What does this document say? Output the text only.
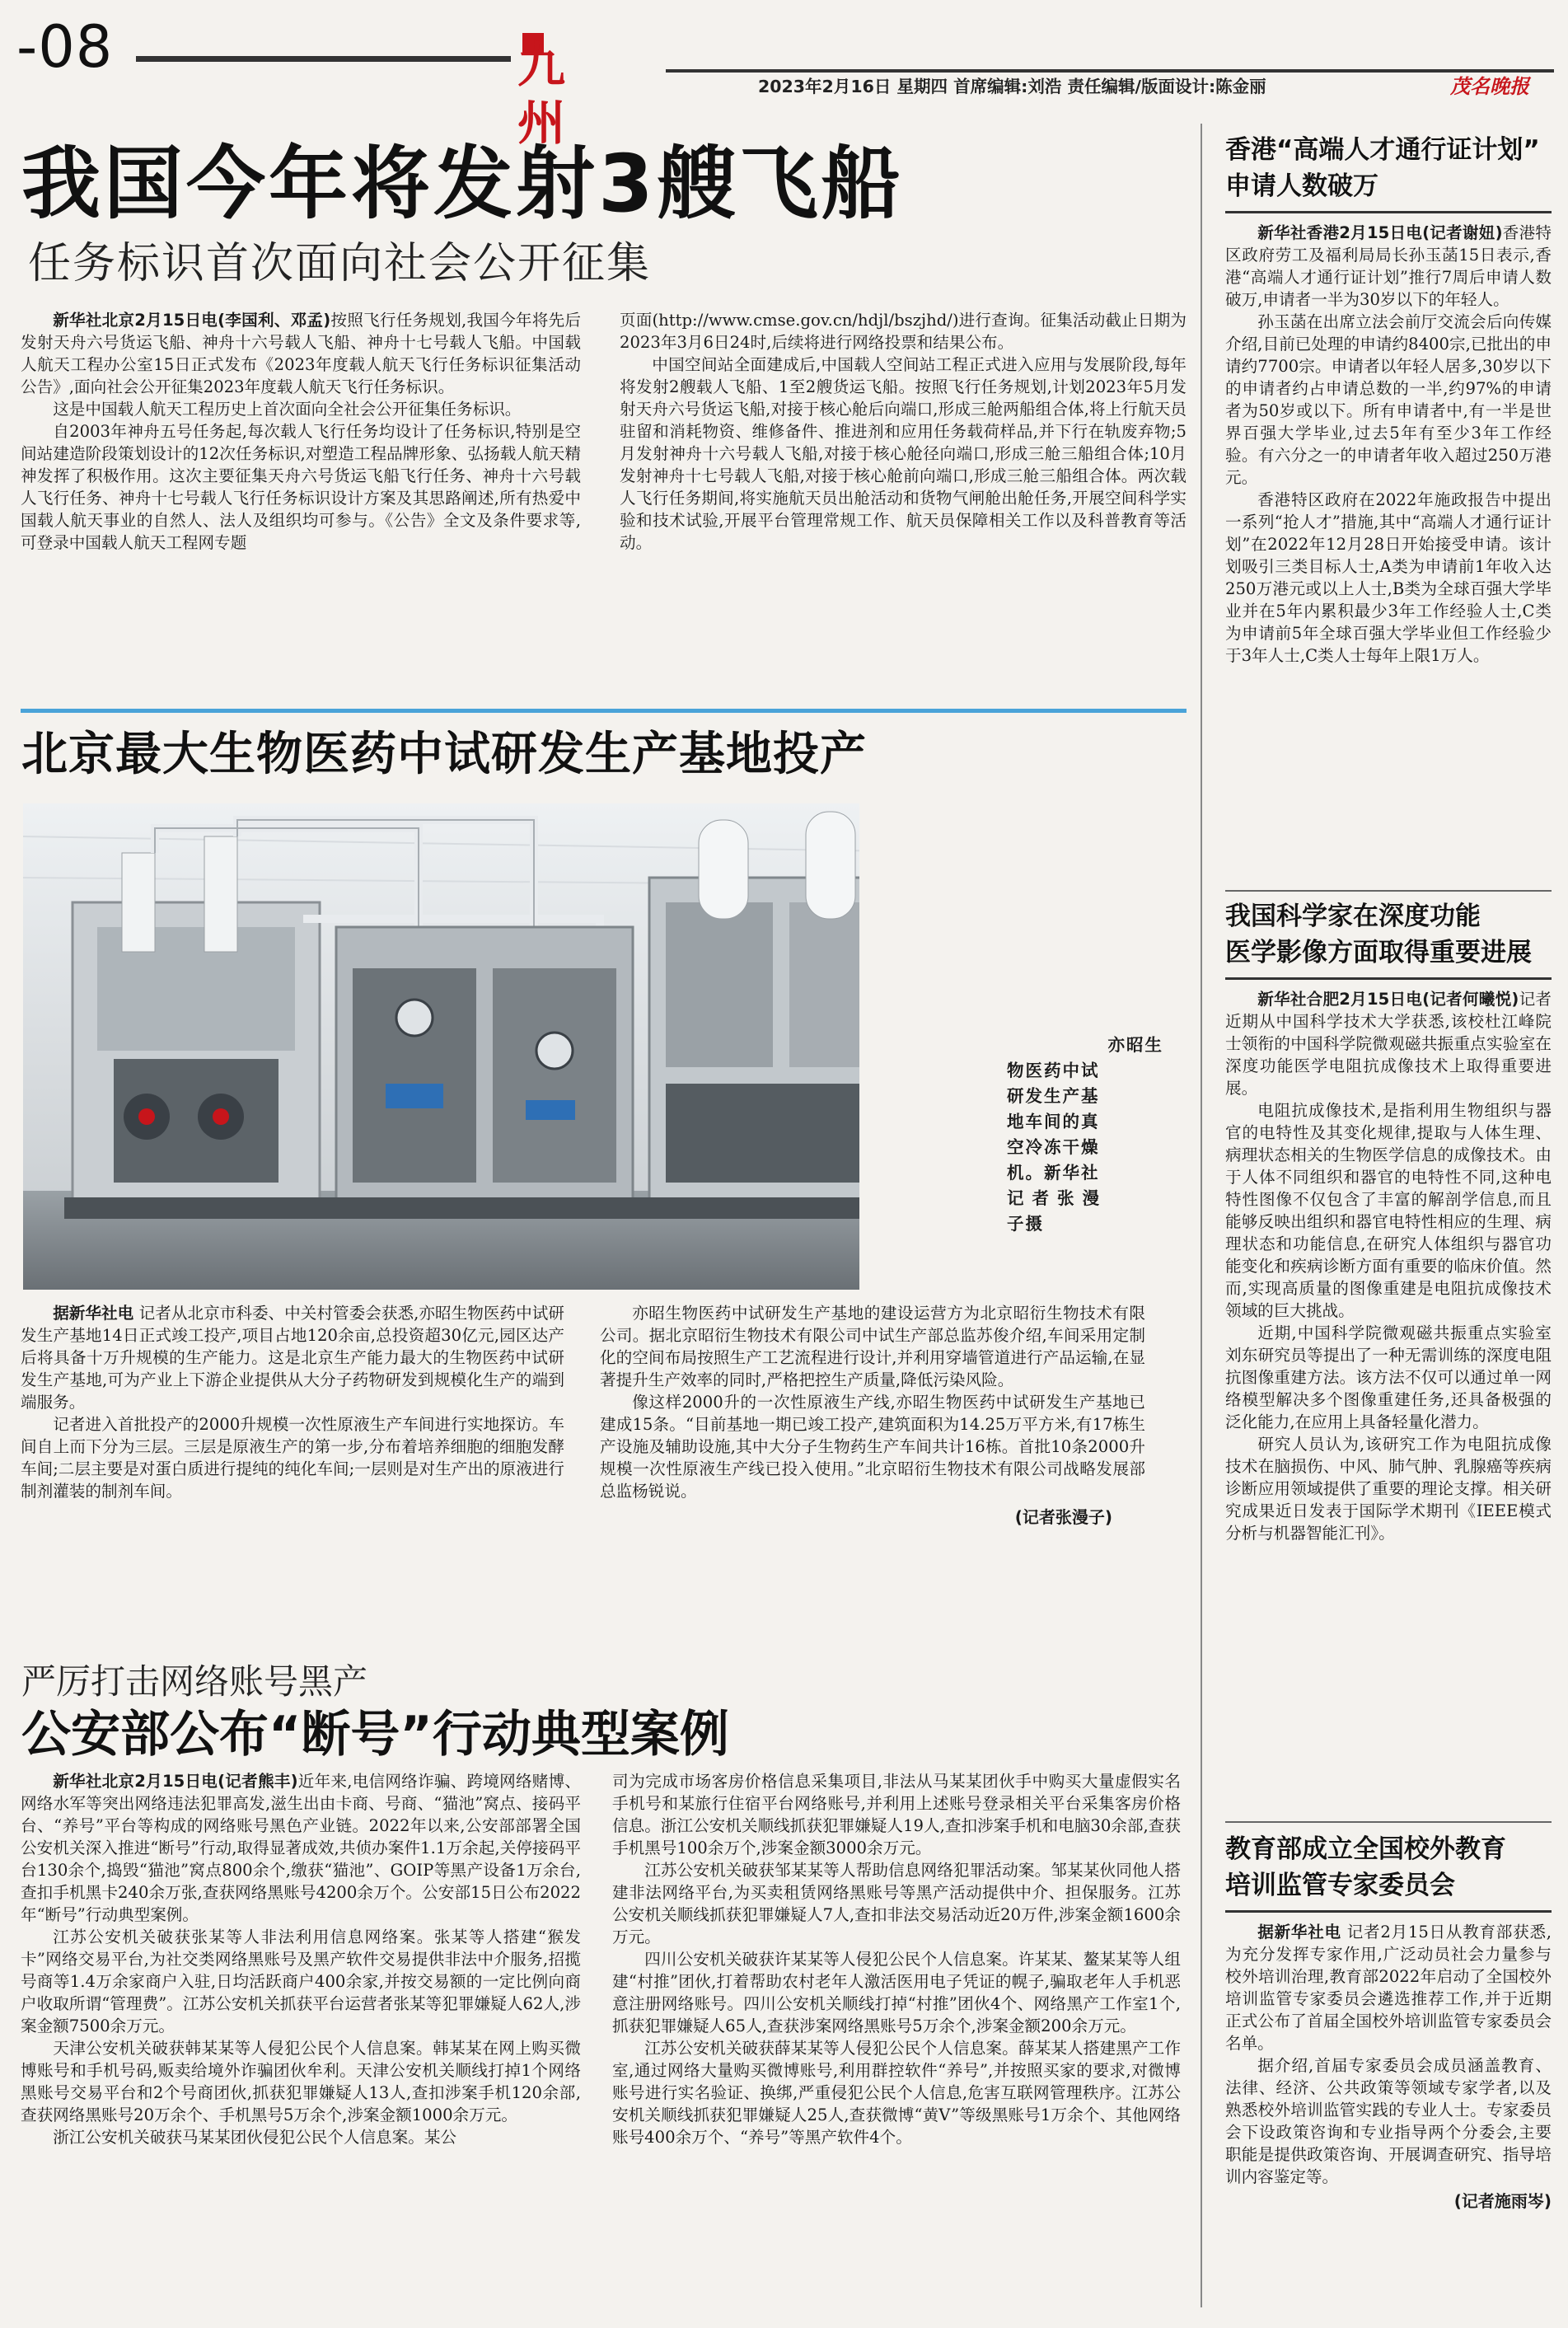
-08	九州
2023年2月16日 星期四 首席编辑:刘浩 责任编辑/版面设计:陈金丽	茂名晚报
我国今年将发射3艘飞船
任务标识首次面向社会公开征集

新华社北京2月15日电(李国利、邓孟)按照飞行任务规划,我国今年将先后发射天舟六号货运飞船、神舟十六号载人飞船、神舟十七号载人飞船。中国载人航天工程办公室15日正式发布《2023年度载人航天飞行任务标识征集活动公告》,面向社会公开征集2023年度载人航天飞行任务标识。

这是中国载人航天工程历史上首次面向全社会公开征集任务标识。

自2003年神舟五号任务起,每次载人飞行任务均设计了任务标识,特别是空间站建造阶段策划设计的12次任务标识,对塑造工程品牌形象、弘扬载人航天精神发挥了积极作用。这次主要征集天舟六号货运飞船飞行任务、神舟十六号载人飞行任务、神舟十七号载人飞行任务标识设计方案及其思路阐述,所有热爱中国载人航天事业的自然人、法人及组织均可参与。《公告》全文及条件要求等,可登录中国载人航天工程网专题

页面(http://www.cmse.gov.cn/hdjl/bszjhd/)进行查询。征集活动截止日期为2023年3月6日24时,后续将进行网络投票和结果公布。

中国空间站全面建成后,中国载人空间站工程正式进入应用与发展阶段,每年将发射2艘载人飞船、1至2艘货运飞船。按照飞行任务规划,计划2023年5月发射天舟六号货运飞船,对接于核心舱后向端口,形成三舱两船组合体,将上行航天员驻留和消耗物资、维修备件、推进剂和应用任务载荷样品,并下行在轨废弃物;5月发射神舟十六号载人飞船,对接于核心舱径向端口,形成三舱三船组合体;10月发射神舟十七号载人飞船,对接于核心舱前向端口,形成三舱三船组合体。两次载人飞行任务期间,将实施航天员出舱活动和货物气闸舱出舱任务,开展空间科学实验和技术试验,开展平台管理常规工作、航天员保障相关工作以及科普教育等活动。

北京最大生物医药中试研发生产基地投产
亦昭生
物医药中试
研发生产基
地车间的真
空冷冻干燥
机。新华社
记者张漫
子摄

据新华社电 记者从北京市科委、中关村管委会获悉,亦昭生物医药中试研发生产基地14日正式竣工投产,项目占地120余亩,总投资超30亿元,园区达产后将具备十万升规模的生产能力。这是北京生产能力最大的生物医药中试研发生产基地,可为产业上下游企业提供从大分子药物研发到规模化生产的端到端服务。

记者进入首批投产的2000升规模一次性原液生产车间进行实地探访。车间自上而下分为三层。三层是原液生产的第一步,分布着培养细胞的细胞发酵车间;二层主要是对蛋白质进行提纯的纯化车间;一层则是对生产出的原液进行制剂灌装的制剂车间。

亦昭生物医药中试研发生产基地的建设运营方为北京昭衍生物技术有限公司。据北京昭衍生物技术有限公司中试生产部总监苏俊介绍,车间采用定制化的空间布局按照生产工艺流程进行设计,并利用穿墙管道进行产品运输,在显著提升生产效率的同时,严格把控生产质量,降低污染风险。

像这样2000升的一次性原液生产线,亦昭生物医药中试研发生产基地已建成15条。“目前基地一期已竣工投产,建筑面积为14.25万平方米,有17栋生产设施及辅助设施,其中大分子生物药生产车间共计16栋。首批10条2000升规模一次性原液生产线已投入使用。”北京昭衍生物技术有限公司战略发展部总监杨锐说。

(记者张漫子)
严厉打击网络账号黑产
公安部公布“断号”行动典型案例

新华社北京2月15日电(记者熊丰)近年来,电信网络诈骗、跨境网络赌博、网络水军等突出网络违法犯罪高发,滋生出由卡商、号商、“猫池”窝点、接码平台、“养号”平台等构成的网络账号黑色产业链。2022年以来,公安部部署全国公安机关深入推进“断号”行动,取得显著成效,共侦办案件1.1万余起,关停接码平台130余个,捣毁“猫池”窝点800余个,缴获“猫池”、GOIP等黑产设备1万余台,查扣手机黑卡240余万张,查获网络黑账号4200余万个。公安部15日公布2022年“断号”行动典型案例。

江苏公安机关破获张某等人非法利用信息网络案。张某等人搭建“猴发卡”网络交易平台,为社交类网络黑账号及黑产软件交易提供非法中介服务,招揽号商等1.4万余家商户入驻,日均活跃商户400余家,并按交易额的一定比例向商户收取所谓“管理费”。江苏公安机关抓获平台运营者张某等犯罪嫌疑人62人,涉案金额7500余万元。

天津公安机关破获韩某某等人侵犯公民个人信息案。韩某某在网上购买微博账号和手机号码,贩卖给境外诈骗团伙牟利。天津公安机关顺线打掉1个网络黑账号交易平台和2个号商团伙,抓获犯罪嫌疑人13人,查扣涉案手机120余部,查获网络黑账号20万余个、手机黑号5万余个,涉案金额1000余万元。

浙江公安机关破获马某某团伙侵犯公民个人信息案。某公

司为完成市场客房价格信息采集项目,非法从马某某团伙手中购买大量虚假实名手机号和某旅行住宿平台网络账号,并利用上述账号登录相关平台采集客房价格信息。浙江公安机关顺线抓获犯罪嫌疑人19人,查扣涉案手机和电脑30余部,查获手机黑号100余万个,涉案金额3000余万元。

江苏公安机关破获邹某某等人帮助信息网络犯罪活动案。邹某某伙同他人搭建非法网络平台,为买卖租赁网络黑账号等黑产活动提供中介、担保服务。江苏公安机关顺线抓获犯罪嫌疑人7人,查扣非法交易活动近20万件,涉案金额1600余万元。

四川公安机关破获许某某等人侵犯公民个人信息案。许某某、鳌某某等人组建“村推”团伙,打着帮助农村老年人激活医用电子凭证的幌子,骗取老年人手机恶意注册网络账号。四川公安机关顺线打掉“村推”团伙4个、网络黑产工作室1个,抓获犯罪嫌疑人65人,查获涉案网络黑账号5万余个,涉案金额200余万元。

江苏公安机关破获薛某某等人侵犯公民个人信息案。薛某某人搭建黑产工作室,通过网络大量购买微博账号,利用群控软件“养号”,并按照买家的要求,对微博账号进行实名验证、换绑,严重侵犯公民个人信息,危害互联网管理秩序。江苏公安机关顺线抓获犯罪嫌疑人25人,查获微博“黄V”等级黑账号1万余个、其他网络账号400余万个、“养号”等黑产软件4个。

香港“高端人才通行证计划”
申请人数破万

新华社香港2月15日电(记者谢妞)香港特区政府劳工及福利局局长孙玉菡15日表示,香港“高端人才通行证计划”推行7周后申请人数破万,申请者一半为30岁以下的年轻人。

孙玉菡在出席立法会前厅交流会后向传媒介绍,目前已处理的申请约8400宗,已批出的申请约7700宗。申请者以年轻人居多,30岁以下的申请者约占申请总数的一半,约97%的申请者为50岁或以下。所有申请者中,有一半是世界百强大学毕业,过去5年有至少3年工作经验。有六分之一的申请者年收入超过250万港元。

香港特区政府在2022年施政报告中提出一系列“抢人才”措施,其中“高端人才通行证计划”在2022年12月28日开始接受申请。该计划吸引三类目标人士,A类为申请前1年收入达250万港元或以上人士,B类为全球百强大学毕业并在5年内累积最少3年工作经验人士,C类为申请前5年全球百强大学毕业但工作经验少于3年人士,C类人士每年上限1万人。

我国科学家在深度功能
医学影像方面取得重要进展

新华社合肥2月15日电(记者何曦悦)记者近期从中国科学技术大学获悉,该校杜江峰院士领衔的中国科学院微观磁共振重点实验室在深度功能医学电阻抗成像技术上取得重要进展。

电阻抗成像技术,是指利用生物组织与器官的电特性及其变化规律,提取与人体生理、病理状态相关的生物医学信息的成像技术。由于人体不同组织和器官的电特性不同,这种电特性图像不仅包含了丰富的解剖学信息,而且能够反映出组织和器官电特性相应的生理、病理状态和功能信息,在研究人体组织与器官功能变化和疾病诊断方面有重要的临床价值。然而,实现高质量的图像重建是电阻抗成像技术领域的巨大挑战。

近期,中国科学院微观磁共振重点实验室刘东研究员等提出了一种无需训练的深度电阻抗图像重建方法。该方法不仅可以通过单一网络模型解决多个图像重建任务,还具备极强的泛化能力,在应用上具备轻量化潜力。

研究人员认为,该研究工作为电阻抗成像技术在脑损伤、中风、肺气肿、乳腺癌等疾病诊断应用领域提供了重要的理论支撑。相关研究成果近日发表于国际学术期刊《IEEE模式分析与机器智能汇刊》。

教育部成立全国校外教育
培训监管专家委员会

据新华社电 记者2月15日从教育部获悉,为充分发挥专家作用,广泛动员社会力量参与校外培训治理,教育部2022年启动了全国校外培训监管专家委员会遴选推荐工作,并于近期正式公布了首届全国校外培训监管专家委员会名单。

据介绍,首届专家委员会成员涵盖教育、法律、经济、公共政策等领域专家学者,以及熟悉校外培训监管实践的专业人士。专家委员会下设政策咨询和专业指导两个分委会,主要职能是提供政策咨询、开展调查研究、指导培训内容鉴定等。

(记者施雨岑)
